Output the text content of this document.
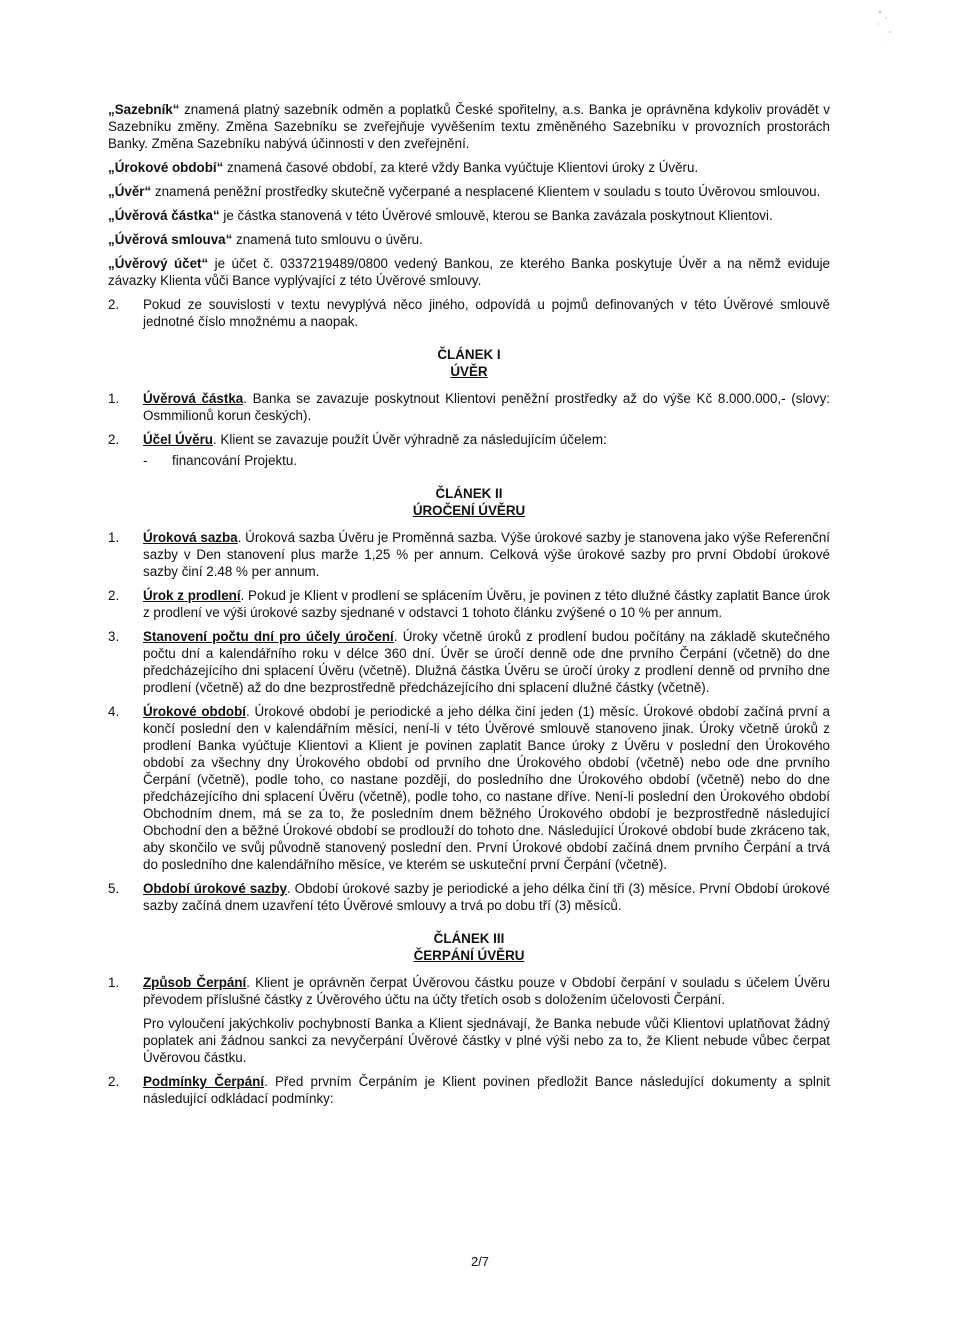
„Sazebník“ znamená platný sazebník odměn a poplatků České spořitelny, a.s. Banka je oprávněna kdykoliv provádět v Sazebníku změny. Změna Sazebníku se zveřejňuje vyvěšením textu změněného Sazebníku v provozních prostorách Banky. Změna Sazebníku nabývá účinnosti v den zveřejnění.

„Úrokové období“ znamená časové období, za které vždy Banka vyúčtuje Klientovi úroky z Úvěru.

„Úvěr“ znamená peněžní prostředky skutečně vyčerpané a nesplacené Klientem v souladu s touto Úvěrovou smlouvou.

„Úvěrová částka“ je částka stanovená v této Úvěrové smlouvě, kterou se Banka zavázala poskytnout Klientovi.

„Úvěrová smlouva“ znamená tuto smlouvu o úvěru.

„Úvěrový účet“ je účet č. 0337219489/0800 vedený Bankou, ze kterého Banka poskytuje Úvěr a na němž eviduje závazky Klienta vůči Bance vyplývající z této Úvěrové smlouvy.

2. Pokud ze souvislosti v textu nevyplývá něco jiného, odpovídá u pojmů definovaných v této Úvěrové smlouvě jednotné číslo množnému a naopak.
ČLÁNEK I
ÚVĚR
1. Úvěrová částka. Banka se zavazuje poskytnout Klientovi peněžní prostředky až do výše Kč 8.000.000,- (slovy: Osmmilionů korun českých).
2. Účel Úvěru. Klient se zavazuje použít Úvěr výhradně za následujícím účelem:
-	financování Projektu.
ČLÁNEK II
ÚROČENÍ ÚVĚRU
1. Úroková sazba. Úroková sazba Úvěru je Proměnná sazba. Výše úrokové sazby je stanovena jako výše Referenční sazby v Den stanovení plus marže 1,25 % per annum. Celková výše úrokové sazby pro první Období úrokové sazby činí 2.48 % per annum.
2. Úrok z prodlení. Pokud je Klient v prodlení se splácením Úvěru, je povinen z této dlužné částky zaplatit Bance úrok z prodlení ve výši úrokové sazby sjednané v odstavci 1 tohoto článku zvýšené o 10 % per annum.
3. Stanovení počtu dní pro účely úročení. Úroky včetně úroků z prodlení budou počítány na základě skutečného počtu dní a kalendářního roku v délce 360 dní. Úvěr se úročí denně ode dne prvního Čerpání (včetně) do dne předcházejícího dni splacení Úvěru (včetně). Dlužná částka Úvěru se úročí úroky z prodlení denně od prvního dne prodlení (včetně) až do dne bezprostředně předcházejícího dni splacení dlužné částky (včetně).
4. Úrokové období. Úrokové období je periodické a jeho délka činí jeden (1) měsíc. Úrokové období začíná první a končí poslední den v kalendářním měsíci, není-li v této Úvěrové smlouvě stanoveno jinak. Úroky včetně úroků z prodlení Banka vyúčtuje Klientovi a Klient je povinen zaplatit Bance úroky z Úvěru v poslední den Úrokového období za všechny dny Úrokového období od prvního dne Úrokového období (včetně) nebo ode dne prvního Čerpání (včetně), podle toho, co nastane později, do posledního dne Úrokového období (včetně) nebo do dne předcházejícího dni splacení Úvěru (včetně), podle toho, co nastane dříve. Není-li poslední den Úrokového období Obchodním dnem, má se za to, že posledním dnem běžného Úrokového období je bezprostředně následující Obchodní den a běžné Úrokové období se prodlouží do tohoto dne. Následující Úrokové období bude zkráceno tak, aby skončilo ve svůj původně stanovený poslední den. První Úrokové období začíná dnem prvního Čerpání a trvá do posledního dne kalendářního měsíce, ve kterém se uskuteční první Čerpání (včetně).
5. Období úrokové sazby. Období úrokové sazby je periodické a jeho délka činí tři (3) měsíce. První Období úrokové sazby začíná dnem uzavření této Úvěrové smlouvy a trvá po dobu tří (3) měsíců.
ČLÁNEK III
ČERPÁNÍ ÚVĚRU
1. Způsob Čerpání. Klient je oprávněn čerpat Úvěrovou částku pouze v Období čerpání v souladu s účelem Úvěru převodem příslušné částky z Úvěrového účtu na účty třetích osob s doložením účelovosti Čerpání.

Pro vyloučení jakýchkoliv pochybností Banka a Klient sjednávají, že Banka nebude vůči Klientovi uplatňovat žádný poplatek ani žádnou sankci za nevyčerpání Úvěrové částky v plné výši nebo za to, že Klient nebude vůbec čerpat Úvěrovou částku.

2. Podmínky Čerpání. Před prvním Čerpáním je Klient povinen předložit Bance následující dokumenty a splnit následující odkládací podmínky:
2/7
